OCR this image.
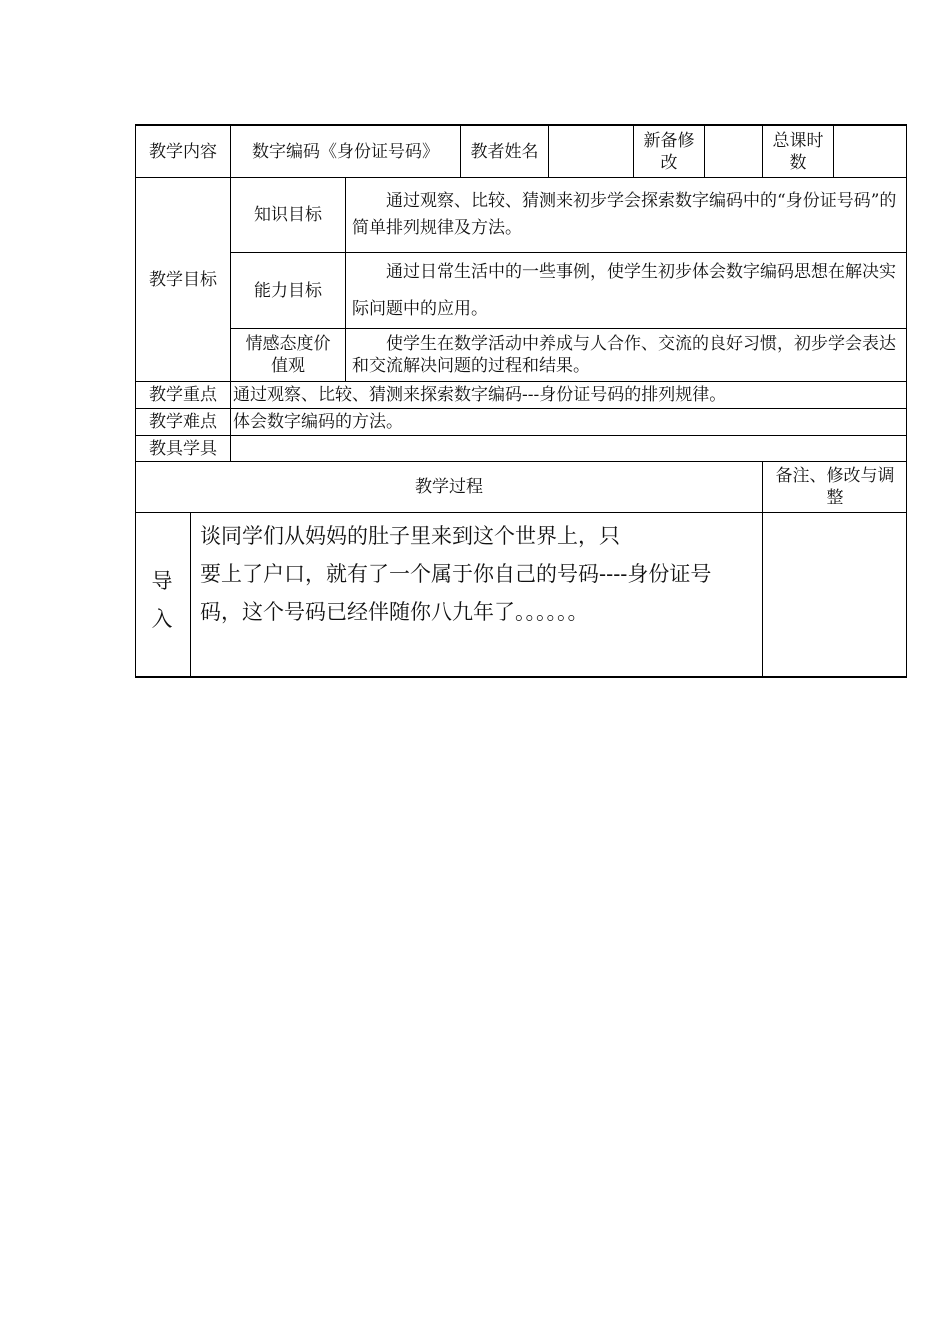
教学内容	数字编码《身份证号码》	教者姓名
新备修改
总课时数
教学目标
知识目标
通过观察、比较、猜测来初步学会探索数字编码中的“身份证号码”的简单排列规律及方法。
能力目标
通过日常生活中的一些事例，使学生初步体会数字编码思想在解决实际问题中的应用。
情感态度价值观
使学生在数学活动中养成与人合作、交流的良好习惯，初步学会表达和交流解决问题的过程和结果。
教学重点 通过观察、比较、猜测来探索数字编码---身份证号码的排列规律。
教学难点 体会数字编码的方法。
教具学具
教学过程
备注、修改与调整
导入
谈同学们从妈妈的肚子里来到这个世界上，只
要上了户口，就有了一个属于你自己的号码----身份证号
码，这个号码已经伴随你八九年了。。。。。。
